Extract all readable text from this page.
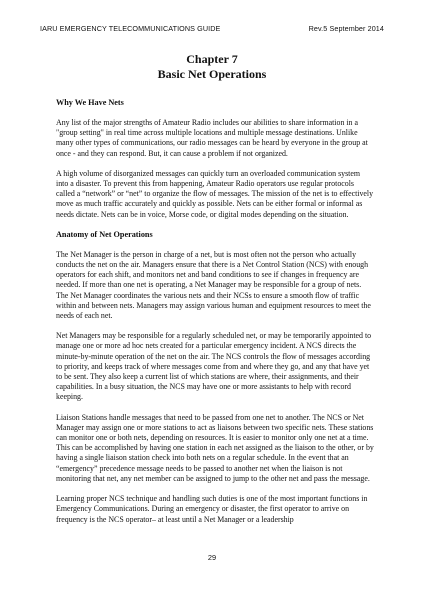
IARU EMERGENCY TELECOMMUNICATIONS GUIDE	Rev.5 September 2014
Chapter 7
Basic Net Operations
Why We Have Nets

Any list of the major strengths of Amateur Radio includes our abilities to share information in a "group setting" in real time across multiple locations and multiple message destinations. Unlike many other types of communications, our radio messages can be heard by everyone in the group at once - and they can respond. But, it can cause a problem if not organized.

A high volume of disorganized messages can quickly turn an overloaded communication system into a disaster. To prevent this from happening, Amateur Radio operators use regular protocols called a “network” or “net” to organize the flow of messages. The mission of the net is to effectively move as much traffic accurately and quickly as possible. Nets can be either formal or informal as needs dictate. Nets can be in voice, Morse code, or digital modes depending on the situation.

Anatomy of Net Operations

The Net Manager is the person in charge of a net, but is most often not the person who actually conducts the net on the air. Managers ensure that there is a Net Control Station (NCS) with enough operators for each shift, and monitors net and band conditions to see if changes in frequency are needed. If more than one net is operating, a Net Manager may be responsible for a group of nets. The Net Manager coordinates the various nets and their NCSs to ensure a smooth flow of traffic within and between nets. Managers may assign various human and equipment resources to meet the needs of each net.

Net Managers may be responsible for a regularly scheduled net, or may be temporarily appointed to manage one or more ad hoc nets created for a particular emergency incident. A NCS directs the minute-by-minute operation of the net on the air. The NCS controls the flow of messages according to priority, and keeps track of where messages come from and where they go, and any that have yet to be sent. They also keep a current list of which stations are where, their assignments, and their capabilities. In a busy situation, the NCS may have one or more assistants to help with record keeping.

Liaison Stations handle messages that need to be passed from one net to another. The NCS or Net Manager may assign one or more stations to act as liaisons between two specific nets. These stations can monitor one or both nets, depending on resources. It is easier to monitor only one net at a time. This can be accomplished by having one station in each net assigned as the liaison to the other, or by having a single liaison station check into both nets on a regular schedule. In the event that an “emergency” precedence message needs to be passed to another net when the liaison is not monitoring that net, any net member can be assigned to jump to the other net and pass the message.

Learning proper NCS technique and handling such duties is one of the most important functions in Emergency Communications. During an emergency or disaster, the first operator to arrive on frequency is the NCS operator– at least until a Net Manager or a leadership

29
